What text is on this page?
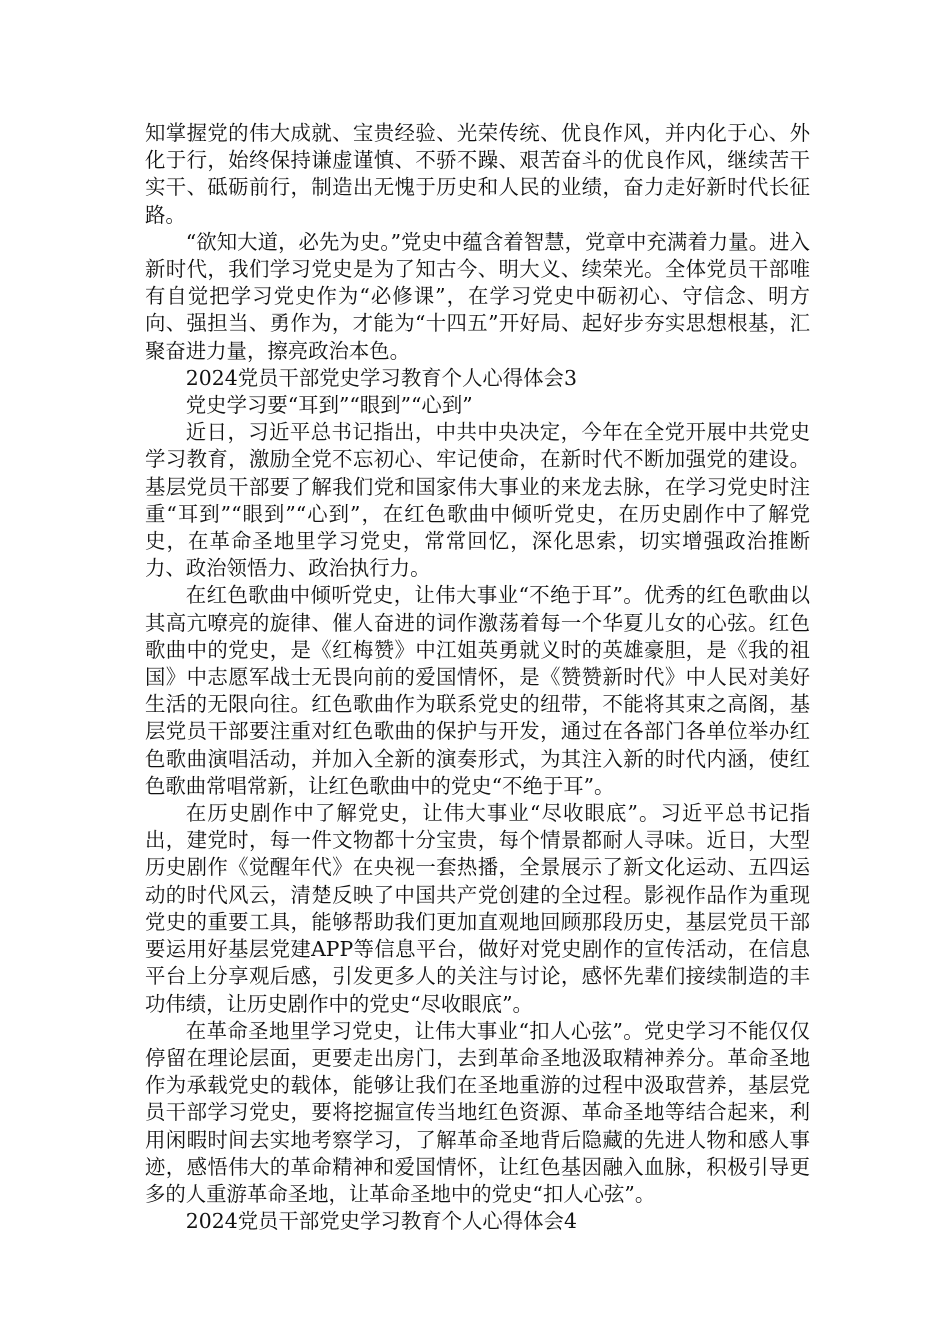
知掌握党的伟大成就、宝贵经验、光荣传统、优良作风，并内化于心、外化于行，始终保持谦虚谨慎、不骄不躁、艰苦奋斗的优良作风，继续苦干实干、砥砺前行，制造出无愧于历史和人民的业绩，奋力走好新时代长征路。

“欲知大道，必先为史。”党史中蕴含着智慧，党章中充满着力量。进入新时代，我们学习党史是为了知古今、明大义、续荣光。全体党员干部唯有自觉把学习党史作为“必修课”，在学习党史中砺初心、守信念、明方向、强担当、勇作为，才能为“十四五”开好局、起好步夯实思想根基，汇聚奋进力量，擦亮政治本色。

2024党员干部党史学习教育个人心得体会3

党史学习要“耳到”“眼到”“心到”

近日，习近平总书记指出，中共中央决定，今年在全党开展中共党史学习教育，激励全党不忘初心、牢记使命，在新时代不断加强党的建设。基层党员干部要了解我们党和国家伟大事业的来龙去脉，在学习党史时注重“耳到”“眼到”“心到”，在红色歌曲中倾听党史，在历史剧作中了解党史，在革命圣地里学习党史，常常回忆，深化思索，切实增强政治推断力、政治领悟力、政治执行力。

在红色歌曲中倾听党史，让伟大事业“不绝于耳”。优秀的红色歌曲以其高亢嘹亮的旋律、催人奋进的词作激荡着每一个华夏儿女的心弦。红色歌曲中的党史，是《红梅赞》中江姐英勇就义时的英雄豪胆，是《我的祖国》中志愿军战士无畏向前的爱国情怀，是《赞赞新时代》中人民对美好生活的无限向往。红色歌曲作为联系党史的纽带，不能将其束之高阁，基层党员干部要注重对红色歌曲的保护与开发，通过在各部门各单位举办红色歌曲演唱活动，并加入全新的演奏形式，为其注入新的时代内涵，使红色歌曲常唱常新，让红色歌曲中的党史“不绝于耳”。

在历史剧作中了解党史，让伟大事业“尽收眼底”。习近平总书记指出，建党时，每一件文物都十分宝贵，每个情景都耐人寻味。近日，大型历史剧作《觉醒年代》在央视一套热播，全景展示了新文化运动、五四运动的时代风云，清楚反映了中国共产党创建的全过程。影视作品作为重现党史的重要工具，能够帮助我们更加直观地回顾那段历史，基层党员干部要运用好基层党建APP等信息平台，做好对党史剧作的宣传活动，在信息平台上分享观后感，引发更多人的关注与讨论，感怀先辈们接续制造的丰功伟绩，让历史剧作中的党史“尽收眼底”。

在革命圣地里学习党史，让伟大事业“扣人心弦”。党史学习不能仅仅停留在理论层面，更要走出房门，去到革命圣地汲取精神养分。革命圣地作为承载党史的载体，能够让我们在圣地重游的过程中汲取营养，基层党员干部学习党史，要将挖掘宣传当地红色资源、革命圣地等结合起来，利用闲暇时间去实地考察学习，了解革命圣地背后隐藏的先进人物和感人事迹，感悟伟大的革命精神和爱国情怀，让红色基因融入血脉，积极引导更多的人重游革命圣地，让革命圣地中的党史“扣人心弦”。

2024党员干部党史学习教育个人心得体会4
